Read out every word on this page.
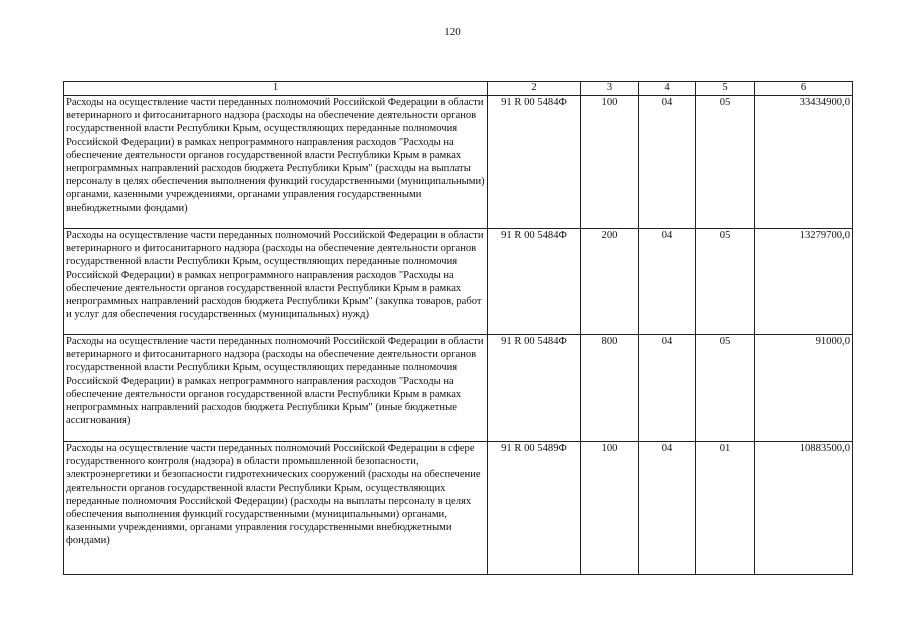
120
1	2	3	4	5	6
Расходы на осуществление части переданных полномочий Российской Федерации в области ветеринарного и фитосанитарного надзора (расходы на обеспечение деятельности органов государственной власти Республики Крым, осуществляющих переданные полномочия Российской Федерации) в рамках непрограммного направления расходов "Расходы на обеспечение деятельности органов государственной власти Республики Крым в рамках непрограммных направлений расходов бюджета Республики Крым" (расходы на выплаты персоналу в целях обеспечения выполнения функций государственными (муниципальными) органами, казенными учреждениями, органами управления государственными внебюджетными фондами)	91 R 00 5484Ф	100	04	05	33434900,0
Расходы на осуществление части переданных полномочий Российской Федерации в области ветеринарного и фитосанитарного надзора (расходы на обеспечение деятельности органов государственной власти Республики Крым, осуществляющих переданные полномочия Российской Федерации) в рамках непрограммного направления расходов "Расходы на обеспечение деятельности органов государственной власти Республики Крым в рамках непрограммных направлений расходов бюджета Республики Крым" (закупка товаров, работ и услуг для обеспечения государственных (муниципальных) нужд)	91 R 00 5484Ф	200	04	05	13279700,0
Расходы на осуществление части переданных полномочий Российской Федерации в области ветеринарного и фитосанитарного надзора (расходы на обеспечение деятельности органов государственной власти Республики Крым, осуществляющих переданные полномочия Российской Федерации) в рамках непрограммного направления расходов "Расходы на обеспечение деятельности органов государственной власти Республики Крым в рамках непрограммных направлений расходов бюджета Республики Крым" (иные бюджетные ассигнования)	91 R 00 5484Ф	800	04	05	91000,0
Расходы на осуществление части переданных полномочий Российской Федерации в сфере государственного контроля (надзора) в области промышленной безопасности, электроэнергетики и безопасности гидротехнических сооружений (расходы на обеспечение деятельности органов государственной власти Республики Крым, осуществляющих переданные полномочия Российской Федерации) (расходы на выплаты персоналу в целях обеспечения выполнения функций государственными (муниципальными) органами, казенными учреждениями, органами управления государственными внебюджетными фондами)	91 R 00 5489Ф	100	04	01	10883500,0
